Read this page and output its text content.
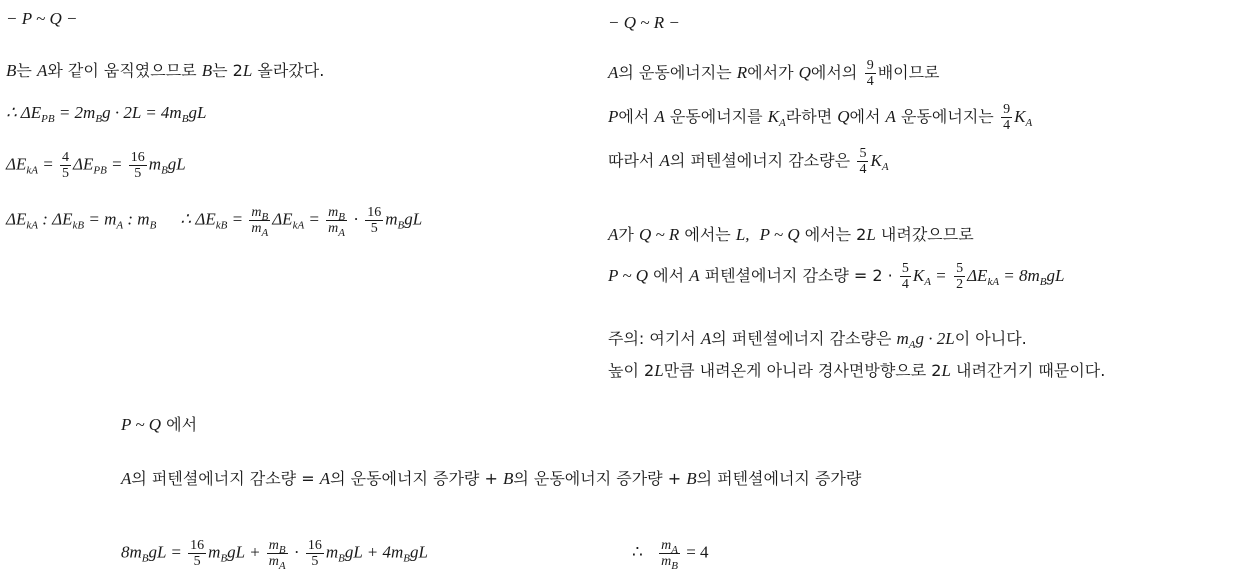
− P ~ Q −
B는 A와 같이 움직였으므로 B는 2L 올라갔다.
∴ $\Delta E_{PB} = 2m_Bg \cdot 2L = 4m_BgL$
$\Delta E_{kA} = \frac{4}{5} \Delta E_{PB} = \frac{16}{5} m_BgL$
$\Delta E_{kA}$ : $\Delta E_{kB} = m_A$ : $m_B$ ∴ $\Delta E_{kB} = \frac{m_B}{m_A} \Delta E_{kA} = \frac{m_B}{m_A} \cdot \frac{16}{5} m_BgL$
− Q ~ R −
A의 운동에너지는 R에서가 Q에서의 $\frac{9}{4}$ 배이므로
P에서 A 운동에너지를 $K_A$라하면 Q에서 A 운동에너지는 $\frac{9}{4} K_A$
따라서 A의 퍼텐셜에너지 감소량은 $\frac{5}{4} K_A$
A가 Q ~ R 에서는 L, P ~ Q 에서는 2L 내려갔으므로
P ~ Q 에서 A 퍼텐셜에너지 감소량 = $2 \cdot \frac{5}{4} K_A = \frac{5}{2} \Delta E_{kA} = 8m_BgL$
주의: 여기서 A의 퍼텐셜에너지 감소량은 $m_Ag \cdot 2L$이 아니다.
높이 2L만큼 내려온게 아니라 경사면방향으로 2L 내려간거기 때문이다.
P ~ Q 에서
A의 퍼텐셜에너지 감소량 = A의 운동에너지 증가량 + B의 운동에너지 증가량 + B의 퍼텐셜에너지 증가량
$8m_BgL = \frac{16}{5} m_BgL + \frac{m_B}{m_A} \cdot \frac{16}{5} m_BgL + 4m_BgL$	∴ $\frac{m_A}{m_B} = 4$
